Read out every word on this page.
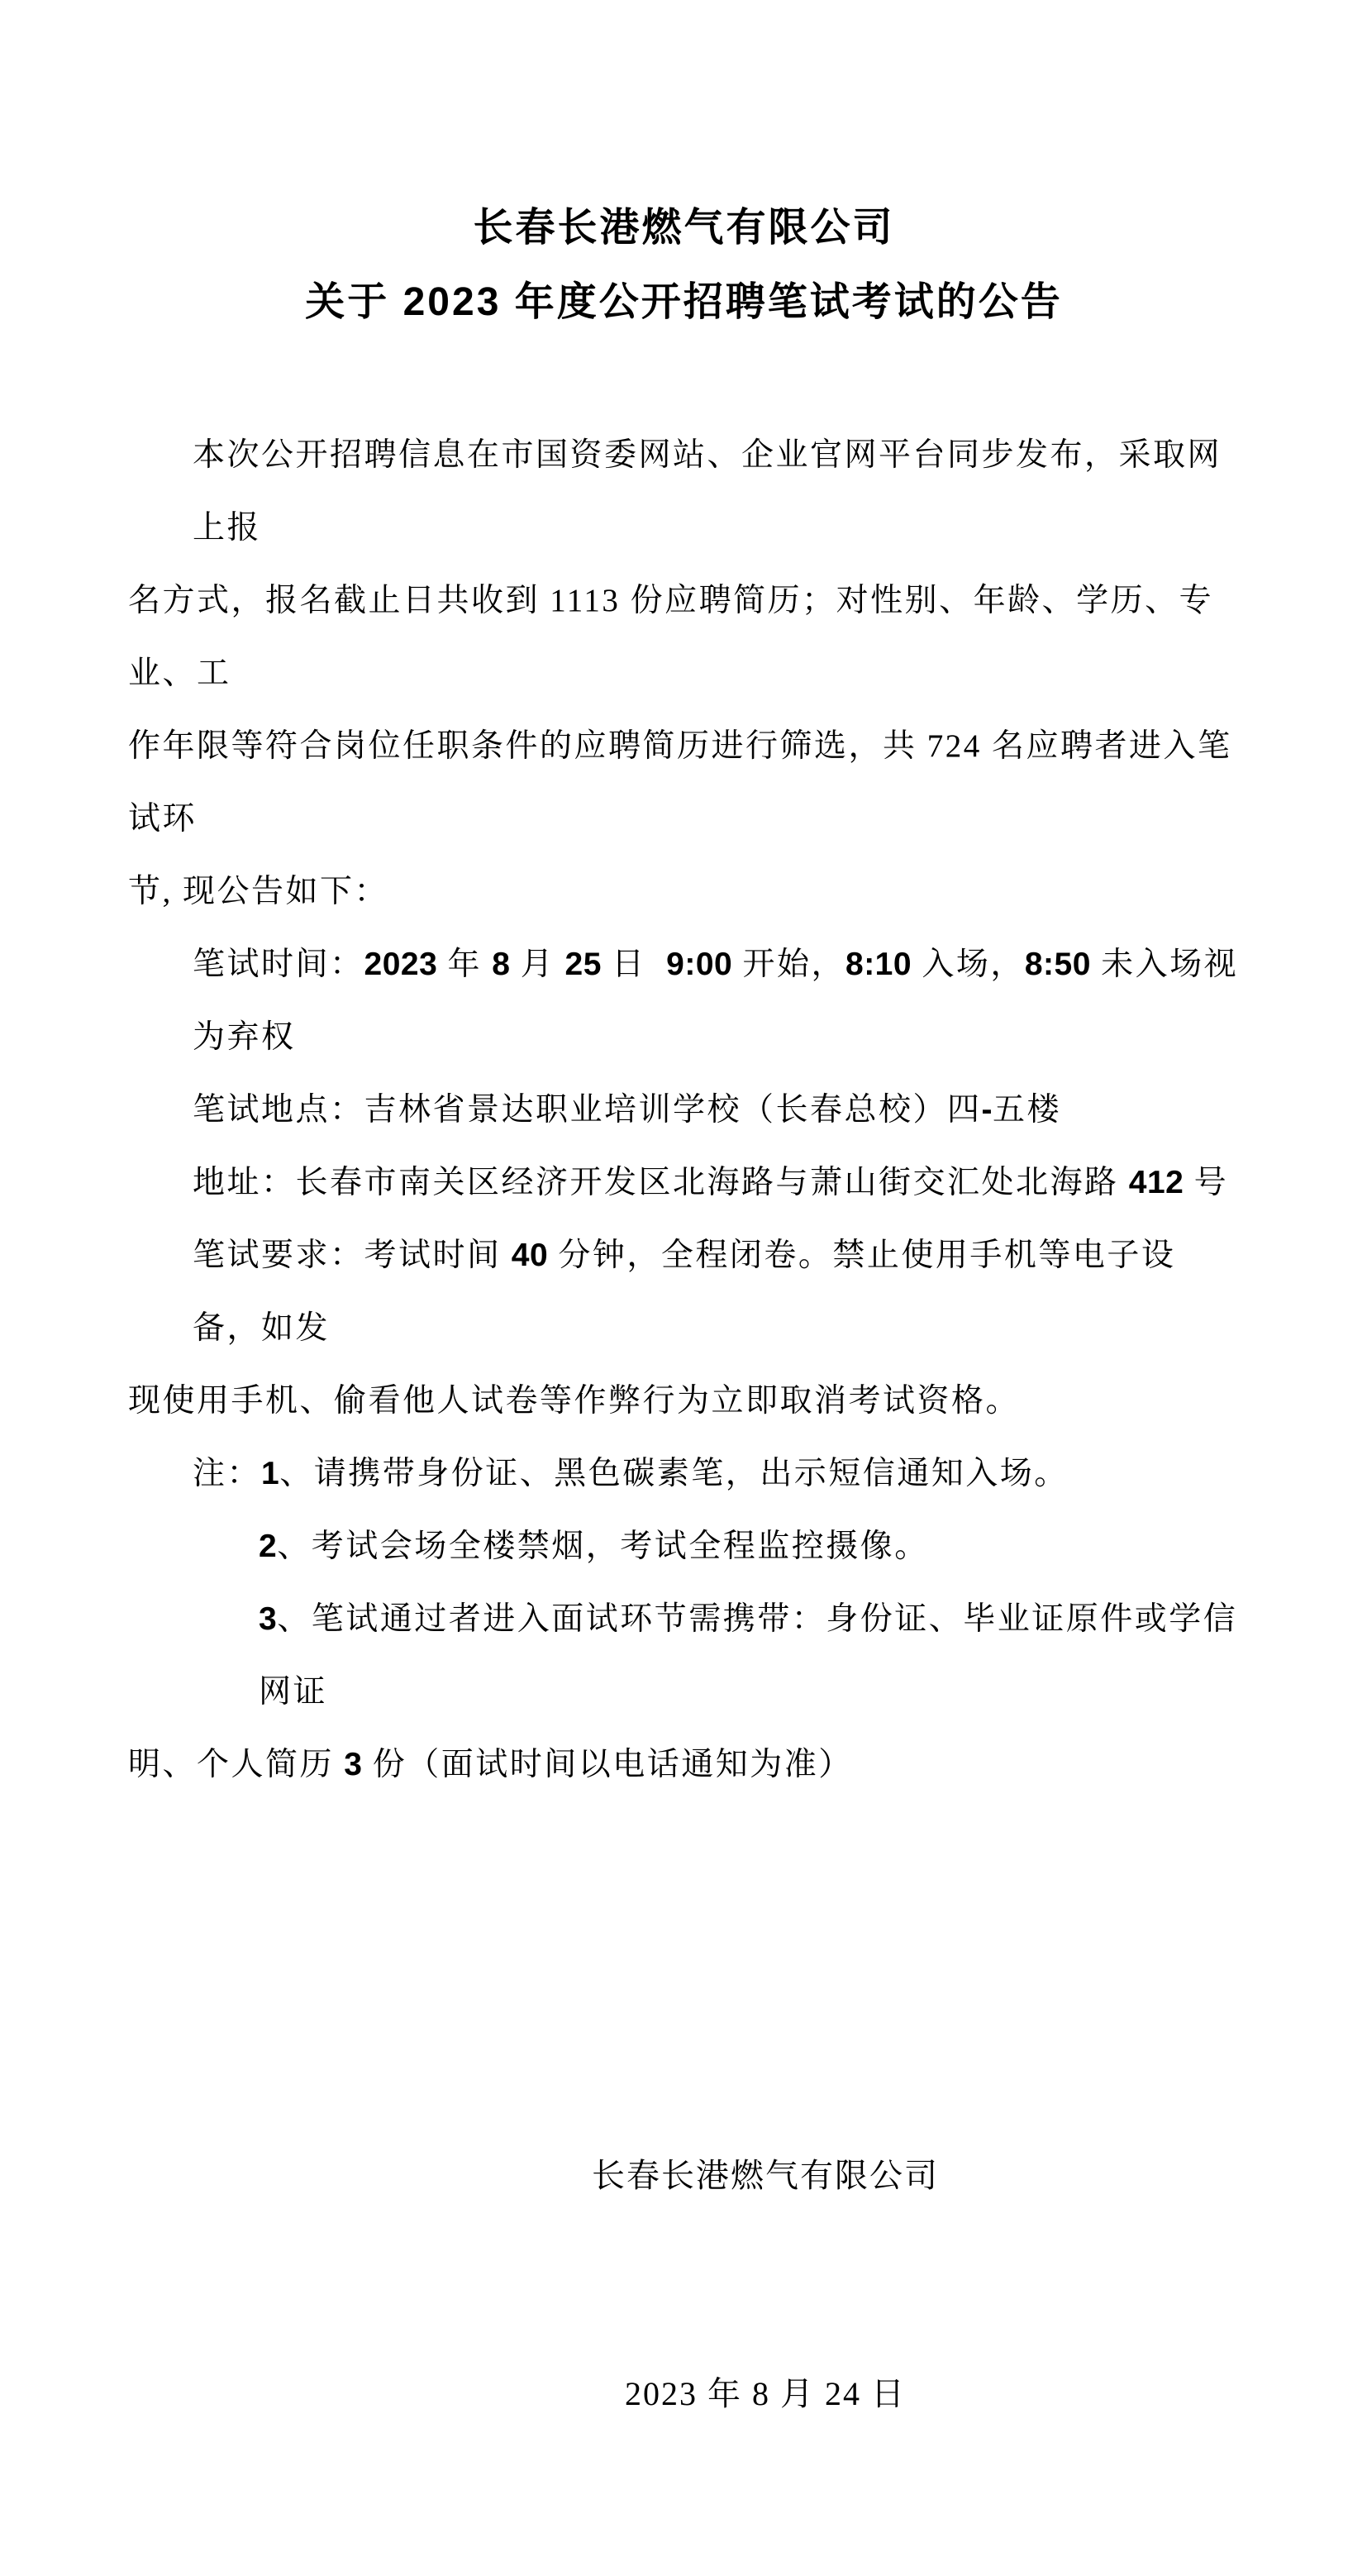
长春长港燃气有限公司
关于 2023 年度公开招聘笔试考试的公告
本次公开招聘信息在市国资委网站、企业官网平台同步发布，采取网上报
名方式，报名截止日共收到 1113 份应聘简历；对性别、年龄、学历、专业、工
作年限等符合岗位任职条件的应聘简历进行筛选，共 724 名应聘者进入笔试环
节, 现公告如下：
笔试时间：2023 年 8 月 25 日  9:00 开始，8:10 入场，8:50 未入场视为弃权
笔试地点：吉林省景达职业培训学校（长春总校）四-五楼
地址：长春市南关区经济开发区北海路与萧山街交汇处北海路 412 号
笔试要求：考试时间 40 分钟，全程闭卷。禁止使用手机等电子设备，如发
现使用手机、偷看他人试卷等作弊行为立即取消考试资格。
注：1、请携带身份证、黑色碳素笔，出示短信通知入场。
2、考试会场全楼禁烟，考试全程监控摄像。
3、笔试通过者进入面试环节需携带：身份证、毕业证原件或学信网证
明、个人简历 3 份（面试时间以电话通知为准）

长春长港燃气有限公司

2023 年 8 月 24 日
